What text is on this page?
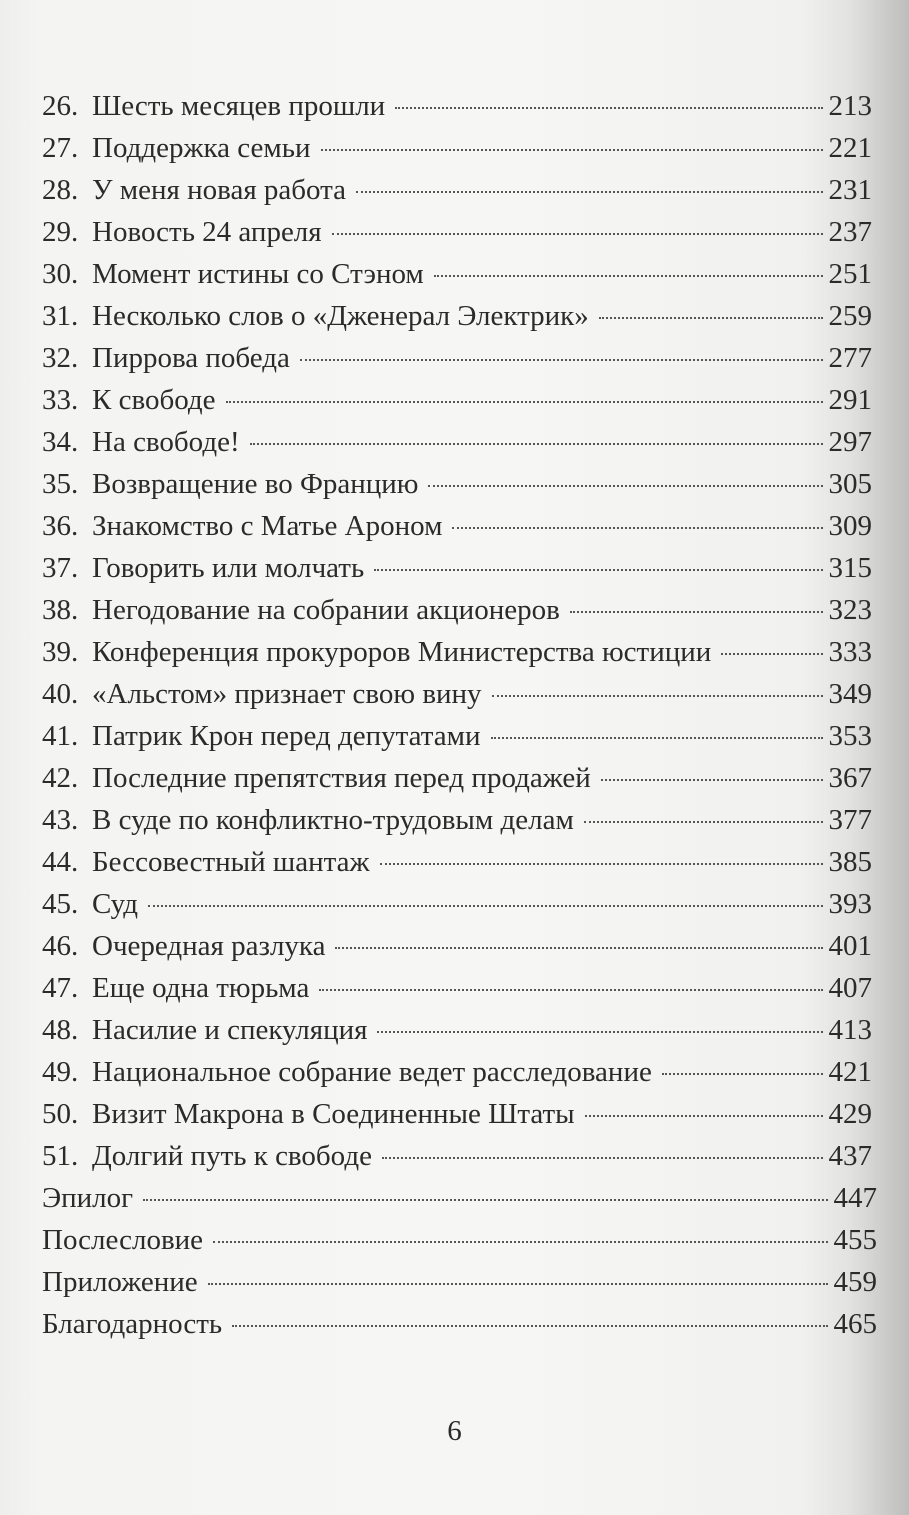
26. Шесть месяцев прошли	213
27. Поддержка семьи	221
28. У меня новая работа	231
29. Новость 24 апреля	237
30. Момент истины со Стэном	251
31. Несколько слов о «Дженерал Электрик»	259
32. Пиррова победа	277
33. К свободе	291
34. На свободе!	297
35. Возвращение во Францию	305
36. Знакомство с Матье Ароном	309
37. Говорить или молчать	315
38. Негодование на собрании акционеров	323
39. Конференция прокуроров Министерства юстиции	333
40. «Альстом» признает свою вину	349
41. Патрик Крон перед депутатами	353
42. Последние препятствия перед продажей	367
43. В суде по конфликтно-трудовым делам	377
44. Бессовестный шантаж	385
45. Суд	393
46. Очередная разлука	401
47. Еще одна тюрьма	407
48. Насилие и спекуляция	413
49. Национальное собрание ведет расследование	421
50. Визит Макрона в Соединенные Штаты	429
51. Долгий путь к свободе	437
Эпилог	447
Послесловие	455
Приложение	459
Благодарность	465
6
